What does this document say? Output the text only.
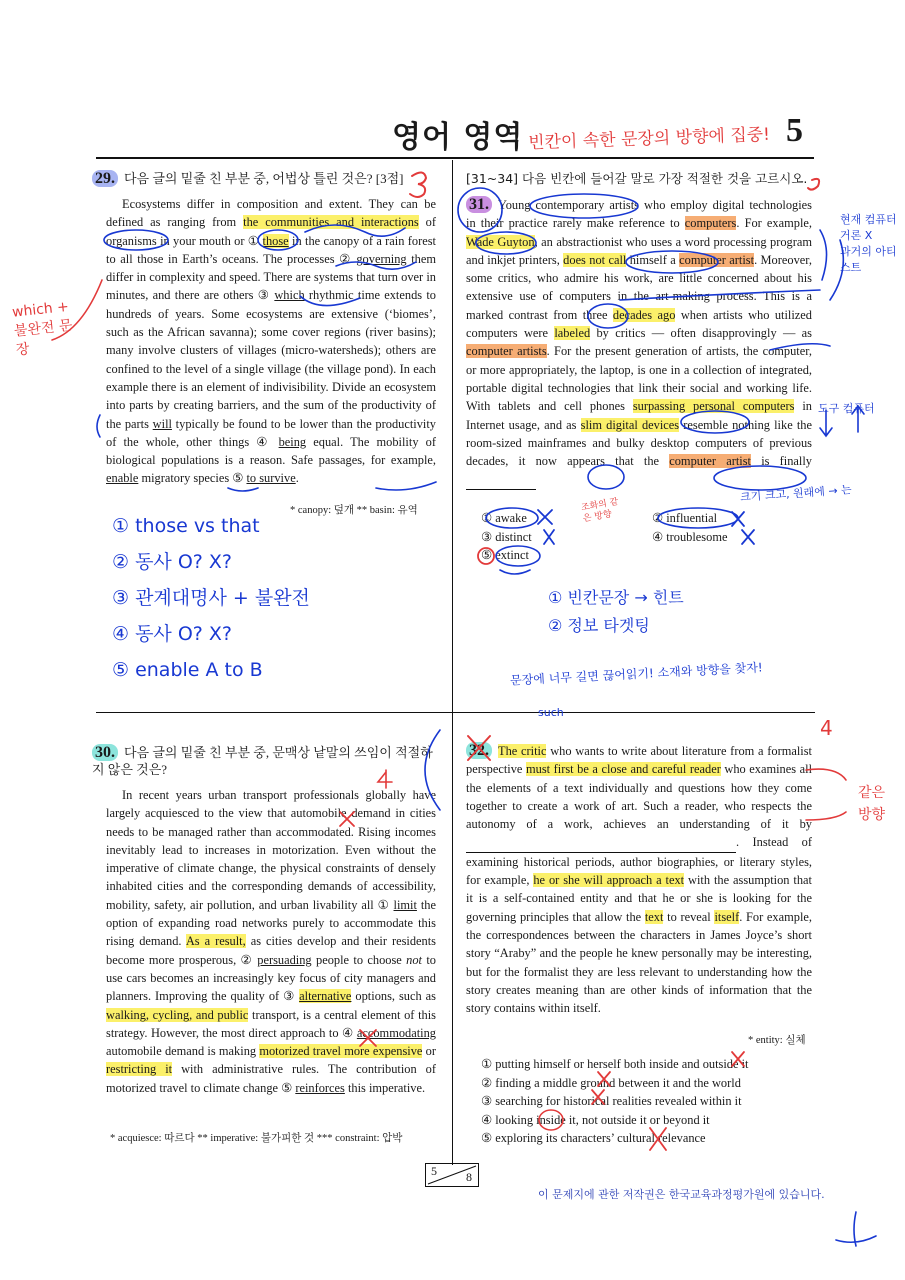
영어 영역 빈칸이 속한 문장의 방향에 집중! 5
29. 다음 글의 밑줄 친 부분 중, 어법상 틀린 것은? [3점]

Ecosystems differ in composition and extent. They can be defined as ranging from the communities and interactions of organisms in your mouth or ① those in the canopy of a rain forest to all those in Earth’s oceans. The processes ② governing them differ in complexity and speed. There are systems that turn over in minutes, and there are others ③ which rhythmic time extends to hundreds of years. Some ecosystems are extensive (‘biomes’, such as the African savanna); some cover regions (river basins); many involve clusters of villages (micro-watersheds); others are confined to the level of a single village (the village pond). In each example there is an element of indivisibility. Divide an ecosystem into parts by creating barriers, and the sum of the productivity of the parts will typically be found to be lower than the productivity of the whole, other things ④ being equal. The mobility of biological populations is a reason. Safe passages, for example, enable migratory species ⑤ to survive.

* canopy: 덮개 ** basin: 유역
which + 불완전 문장
① those vs that
② 동사 O? X?
③ 관계대명사 + 불완전
④ 동사 O? X?
⑤ enable A to B
30. 다음 글의 밑줄 친 부분 중, 문맥상 낱말의 쓰임이 적절하지 않은 것은?

In recent years urban transport professionals globally have largely acquiesced to the view that automobile demand in cities needs to be managed rather than accommodated. Rising incomes inevitably lead to increases in motorization. Even without the imperative of climate change, the physical constraints of densely inhabited cities and the corresponding demands of accessibility, mobility, safety, air pollution, and urban livability all ① limit the option of expanding road networks purely to accommodate this rising demand. As a result, as cities develop and their residents become more prosperous, ② persuading people to choose not to use cars becomes an increasingly key focus of city managers and planners. Improving the quality of ③ alternative options, such as walking, cycling, and public transport, is a central element of this strategy. However, the most direct approach to ④ accommodating automobile demand is making motorized travel more expensive or restricting it with administrative rules. The contribution of motorized travel to climate change ⑤ reinforces this imperative.

* acquiesce: 따르다 ** imperative: 불가피한 것 *** constraint: 압박
[31~34] 다음 빈칸에 들어갈 말로 가장 적절한 것을 고르시오.

31. Young contemporary artists who employ digital technologies in their practice rarely make reference to computers. For example, Wade Guyton, an abstractionist who uses a word processing program and inkjet printers, does not call himself a computer artist. Moreover, some critics, who admire his work, are little concerned about his extensive use of computers in the art-making process. This is a marked contrast from three decades ago when artists who utilized computers were labeled by critics — often disapprovingly — as computer artists. For the present generation of artists, the computer, or more appropriately, the laptop, is one in a collection of integrated, portable digital technologies that link their social and working life. With tablets and cell phones surpassing personal computers in Internet usage, and as slim digital devices resemble nothing like the room-sized mainframes and bulky desktop computers of previous decades, it now appears that the computer artist is finally

① awake
③ distinct
⑤ extinct
② influential
④ troublesome
① 빈칸문장 → 힌트
② 정보 타겟팅
문장에 너무 길면 끊어읽기! 소재와 방향을 찾자!
such
크기 크고, 원래에 → 는
현재 컴퓨터 거론 X
과거의 아티스트
도구 컴퓨터
조화의 같은 방향

32. The critic who wants to write about literature from a formalist perspective must first be a close and careful reader who examines all the elements of a text individually and questions how they come together to create a work of art. Such a reader, who respects the autonomy of a work, achieves an understanding of it by  . Instead of examining historical periods, author biographies, or literary styles, for example, he or she will approach a text with the assumption that it is a self-contained entity and that he or she is looking for the governing principles that allow the text to reveal itself. For example, the correspondences between the characters in James Joyce’s short story “Araby” and the people he knew personally may be interesting, but for the formalist they are less relevant to understanding how the story creates meaning than are other kinds of information that the story contains within itself.

* entity: 실체
① putting himself or herself both inside and outside it
② finding a middle ground between it and the world
③ searching for historical realities revealed within it
④ looking inside it, not outside it or beyond it
⑤ exploring its characters’ cultural relevance
같은 방향
4
5 8
이 문제지에 관한 저작권은 한국교육과정평가원에 있습니다.
